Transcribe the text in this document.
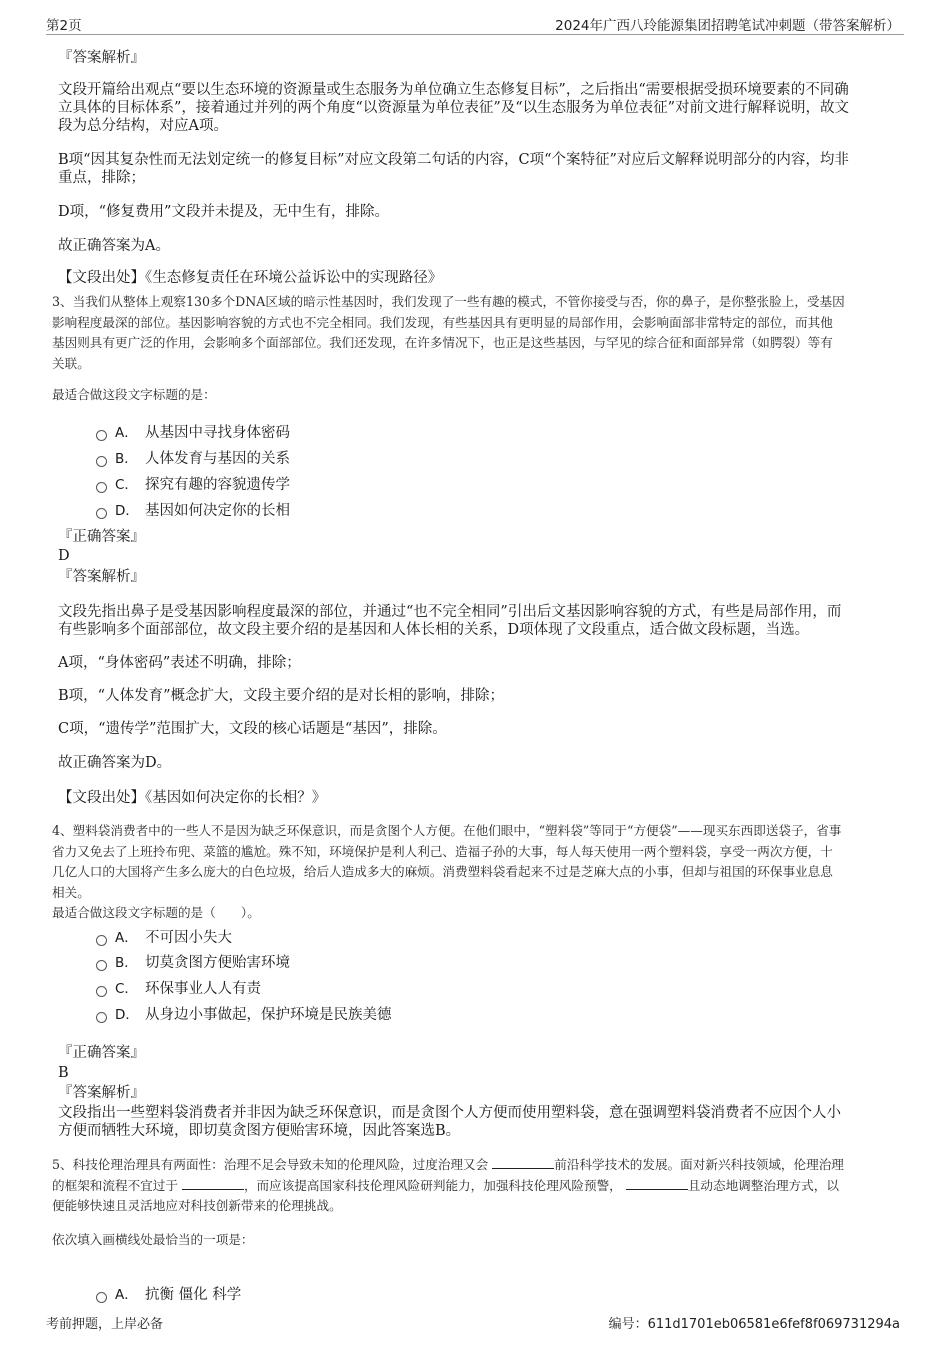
第2页	2024年广西八玲能源集团招聘笔试冲刺题（带答案解析）
『答案解析』
文段开篇给出观点“要以生态环境的资源量或生态服务为单位确立生态修复目标”，之后指出“需要根据受损环境要素的不同确
立具体的目标体系”，接着通过并列的两个角度“以资源量为单位表征”及“以生态服务为单位表征”对前文进行解释说明，故文
段为总分结构，对应A项。
B项“因其复杂性而无法划定统一的修复目标”对应文段第二句话的内容，C项“个案特征”对应后文解释说明部分的内容，均非
重点，排除；
D项，“修复费用”文段并未提及，无中生有，排除。
故正确答案为A。
【文段出处】《生态修复责任在环境公益诉讼中的实现路径》
3、当我们从整体上观察130多个DNA区域的暗示性基因时，我们发现了一些有趣的模式，不管你接受与否，你的鼻子，是你整张脸上，受基因
影响程度最深的部位。基因影响容貌的方式也不完全相同。我们发现，有些基因具有更明显的局部作用，会影响面部非常特定的部位，而其他
基因则具有更广泛的作用，会影响多个面部部位。我们还发现，在许多情况下，也正是这些基因，与罕见的综合征和面部异常（如腭裂）等有
关联。
最适合做这段文字标题的是：
A． 从基因中寻找身体密码
B． 人体发育与基因的关系
C． 探究有趣的容貌遗传学
D． 基因如何决定你的长相
『正确答案』
D
『答案解析』
文段先指出鼻子是受基因影响程度最深的部位，并通过“也不完全相同”引出后文基因影响容貌的方式，有些是局部作用，而
有些影响多个面部部位，故文段主要介绍的是基因和人体长相的关系，D项体现了文段重点，适合做文段标题，当选。
A项，“身体密码”表述不明确，排除；
B项，“人体发育”概念扩大，文段主要介绍的是对长相的影响，排除；
C项，“遗传学”范围扩大，文段的核心话题是“基因”，排除。
故正确答案为D。
【文段出处】《基因如何决定你的长相？》
4、塑料袋消费者中的一些人不是因为缺乏环保意识，而是贪图个人方便。在他们眼中，“塑料袋”等同于“方便袋”——现买东西即送袋子，省事
省力又免去了上班拎布兜、菜篮的尴尬。殊不知，环境保护是利人利己、造福子孙的大事，每人每天使用一两个塑料袋，享受一两次方便，十
几亿人口的大国将产生多么庞大的白色垃圾，给后人造成多大的麻烦。消费塑料袋看起来不过是芝麻大点的小事，但却与祖国的环保事业息息
相关。
最适合做这段文字标题的是（　　）。
A． 不可因小失大
B． 切莫贪图方便贻害环境
C． 环保事业人人有责
D． 从身边小事做起，保护环境是民族美德
『正确答案』
B
『答案解析』
文段指出一些塑料袋消费者并非因为缺乏环保意识，而是贪图个人方便而使用塑料袋，意在强调塑料袋消费者不应因个人小
方便而牺牲大环境，即切莫贪图方便贻害环境，因此答案选B。
5、科技伦理治理具有两面性：治理不足会导致未知的伦理风险，过度治理又会	前沿科学技术的发展。面对新兴科技领域，伦理治理
的框架和流程不宜过于	，而应该提高国家科技伦理风险研判能力，加强科技伦理风险预警，	且动态地调整治理方式，以
便能够快速且灵活地应对科技创新带来的伦理挑战。
依次填入画横线处最恰当的一项是：
A． 抗衡 僵化 科学
考前押题，上岸必备	编号：611d1701eb06581e6fef8f069731294a
